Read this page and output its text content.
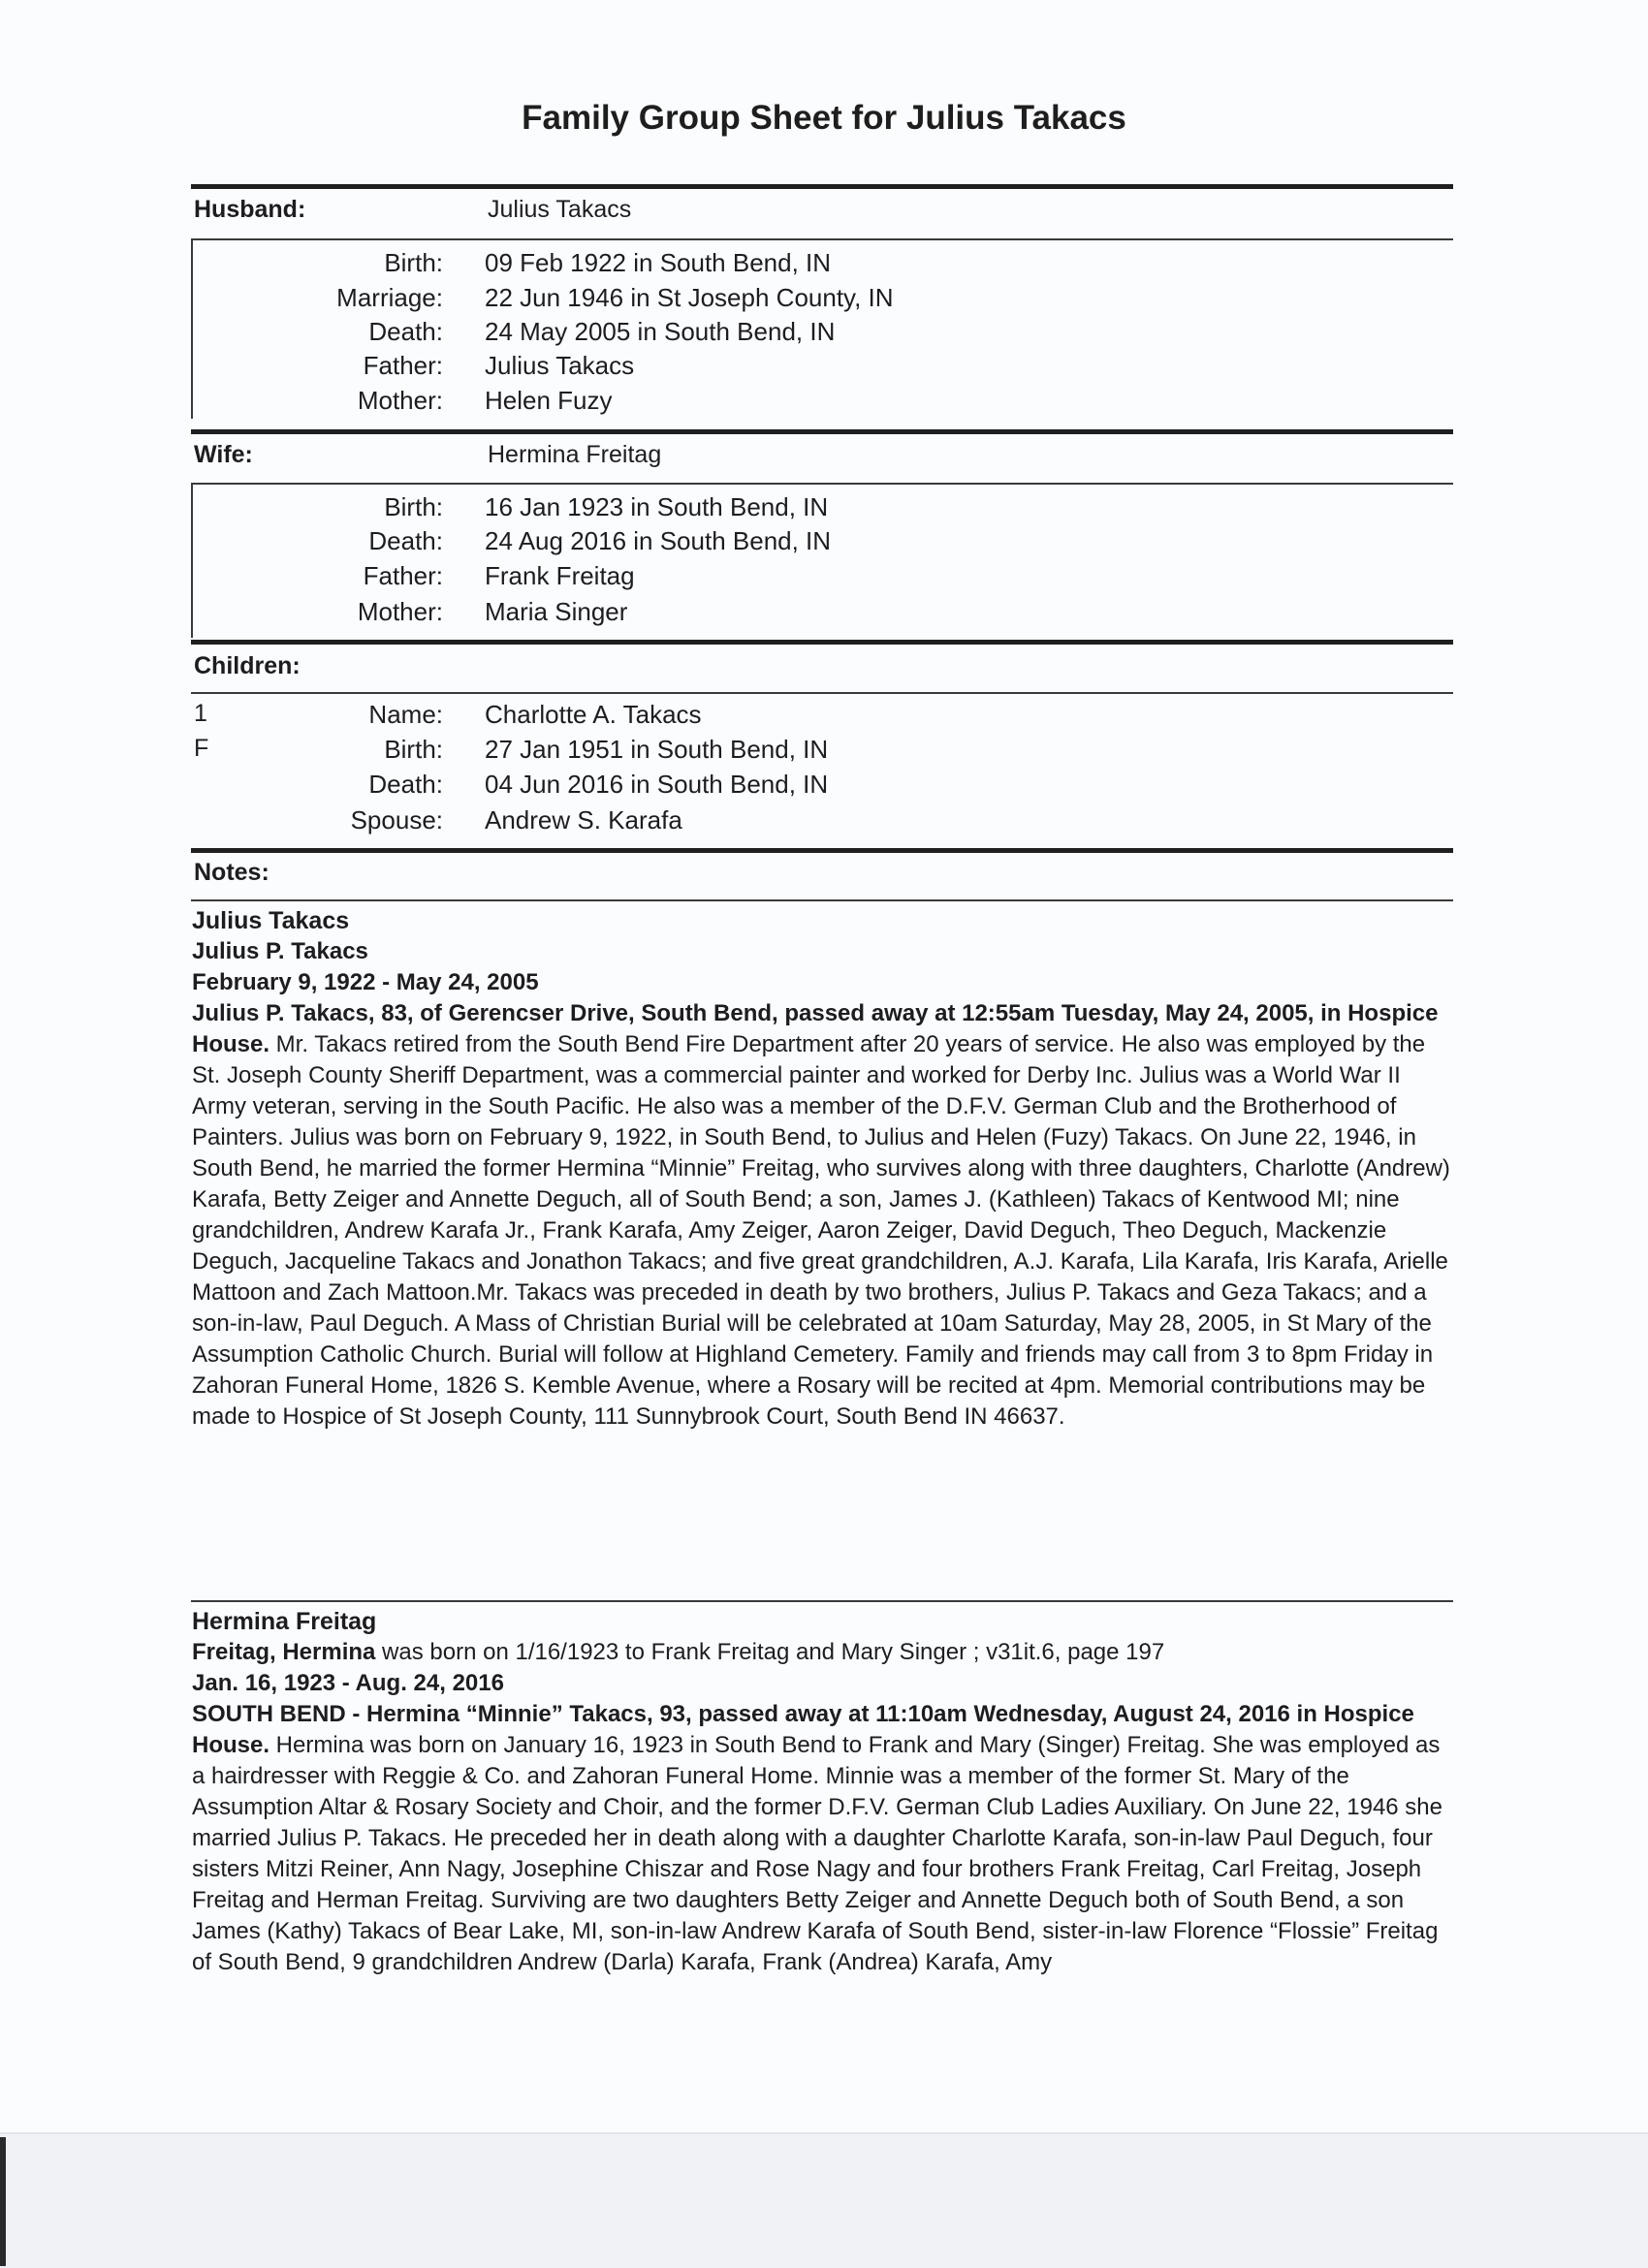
Family Group Sheet for Julius Takacs
Husband:	Julius Takacs
Birth: 09 Feb 1922 in South Bend, IN
Marriage: 22 Jun 1946 in St Joseph County, IN
Death: 24 May 2005 in South Bend, IN
Father: Julius Takacs
Mother: Helen Fuzy
Wife:	Hermina Freitag
Birth: 16 Jan 1923 in South Bend, IN
Death: 24 Aug 2016 in South Bend, IN
Father: Frank Freitag
Mother: Maria Singer
Children:
1
F
Name: Charlotte A. Takacs
Birth: 27 Jan 1951 in South Bend, IN
Death: 04 Jun 2016 in South Bend, IN
Spouse: Andrew S. Karafa
Notes:

Julius Takacs

Julius P. Takacs

February 9, 1922 - May 24, 2005

Julius P. Takacs, 83, of Gerencser Drive, South Bend, passed away at 12:55am Tuesday, May 24, 2005, in Hospice House. Mr. Takacs retired from the South Bend Fire Department after 20 years of service. He also was employed by the St. Joseph County Sheriff Department, was a commercial painter and worked for Derby Inc. Julius was a World War II Army veteran, serving in the South Pacific. He also was a member of the D.F.V. German Club and the Brotherhood of Painters. Julius was born on February 9, 1922, in South Bend, to Julius and Helen (Fuzy) Takacs. On June 22, 1946, in South Bend, he married the former Hermina “Minnie” Freitag, who survives along with three daughters, Charlotte (Andrew) Karafa, Betty Zeiger and Annette Deguch, all of South Bend; a son, James J. (Kathleen) Takacs of Kentwood MI; nine grandchildren, Andrew Karafa Jr., Frank Karafa, Amy Zeiger, Aaron Zeiger, David Deguch, Theo Deguch, Mackenzie Deguch, Jacqueline Takacs and Jonathon Takacs; and five great grandchildren, A.J. Karafa, Lila Karafa, Iris Karafa, Arielle Mattoon and Zach Mattoon.Mr. Takacs was preceded in death by two brothers, Julius P. Takacs and Geza Takacs; and a son-in-law, Paul Deguch. A Mass of Christian Burial will be celebrated at 10am Saturday, May 28, 2005, in St Mary of the Assumption Catholic Church. Burial will follow at Highland Cemetery. Family and friends may call from 3 to 8pm Friday in Zahoran Funeral Home, 1826 S. Kemble Avenue, where a Rosary will be recited at 4pm. Memorial contributions may be made to Hospice of St Joseph County, 111 Sunnybrook Court, South Bend IN 46637.

Hermina Freitag

Freitag, Hermina was born on 1/16/1923 to Frank Freitag and Mary Singer ; v31it.6, page 197

Jan. 16, 1923 - Aug. 24, 2016

SOUTH BEND - Hermina “Minnie” Takacs, 93, passed away at 11:10am Wednesday, August 24, 2016 in Hospice House. Hermina was born on January 16, 1923 in South Bend to Frank and Mary (Singer) Freitag. She was employed as a hairdresser with Reggie & Co. and Zahoran Funeral Home. Minnie was a member of the former St. Mary of the Assumption Altar & Rosary Society and Choir, and the former D.F.V. German Club Ladies Auxiliary. On June 22, 1946 she married Julius P. Takacs. He preceded her in death along with a daughter Charlotte Karafa, son-in-law Paul Deguch, four sisters Mitzi Reiner, Ann Nagy, Josephine Chiszar and Rose Nagy and four brothers Frank Freitag, Carl Freitag, Joseph Freitag and Herman Freitag. Surviving are two daughters Betty Zeiger and Annette Deguch both of South Bend, a son James (Kathy) Takacs of Bear Lake, MI, son-in-law Andrew Karafa of South Bend, sister-in-law Florence “Flossie” Freitag of South Bend, 9 grandchildren Andrew (Darla) Karafa, Frank (Andrea) Karafa, Amy
